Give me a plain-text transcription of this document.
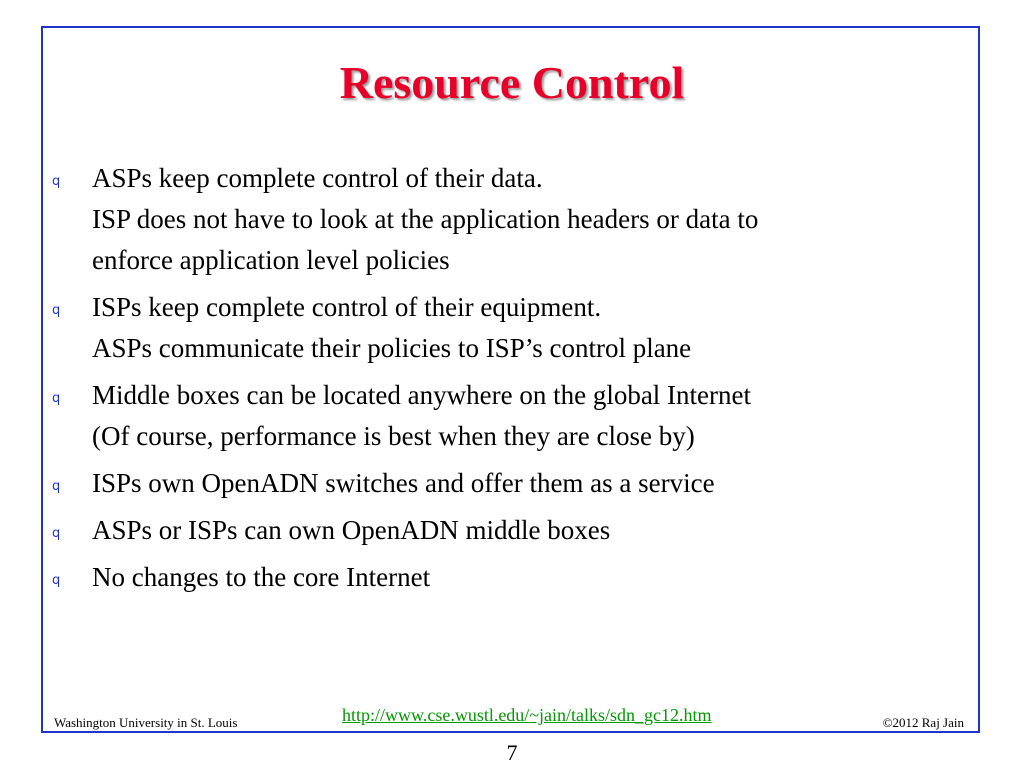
Resource Control
q ASPs keep complete control of their data.
ISP does not have to look at the application headers or data to
enforce application level policies
q ISPs keep complete control of their equipment.
ASPs communicate their policies to ISP’s control plane
q Middle boxes can be located anywhere on the global Internet
(Of course, performance is best when they are close by)
q ISPs own OpenADN switches and offer them as a service
q ASPs or ISPs can own OpenADN middle boxes
q No changes to the core Internet
Washington University in St. Louis	http://www.cse.wustl.edu/~jain/talks/sdn_gc12.htm	©2012 Raj Jain
7
